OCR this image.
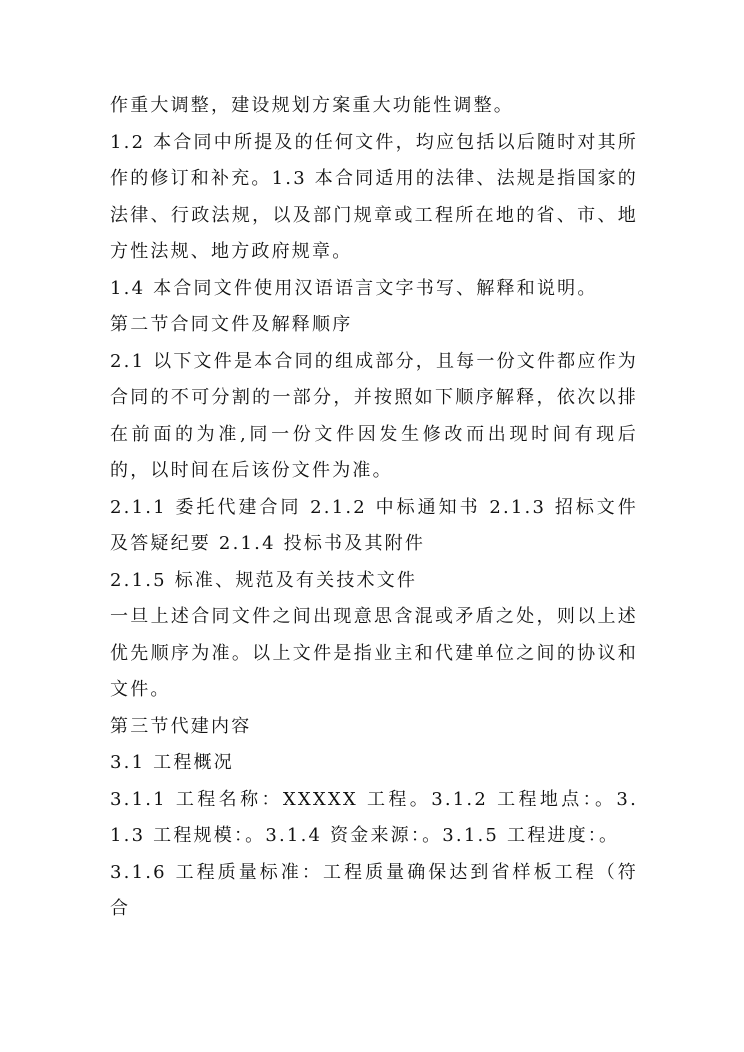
作重大调整，建设规划方案重大功能性调整。

1.2 本合同中所提及的任何文件，均应包括以后随时对其所作的修订和补充。1.3 本合同适用的法律、法规是指国家的法律、行政法规，以及部门规章或工程所在地的省、市、地方性法规、地方政府规章。

1.4 本合同文件使用汉语语言文字书写、解释和说明。

第二节合同文件及解释顺序

2.1 以下文件是本合同的组成部分，且每一份文件都应作为合同的不可分割的一部分，并按照如下顺序解释，依次以排在前面的为准,同一份文件因发生修改而出现时间有现后的，以时间在后该份文件为准。

2.1.1 委托代建合同 2.1.2 中标通知书 2.1.3 招标文件及答疑纪要 2.1.4 投标书及其附件

2.1.5 标准、规范及有关技术文件

一旦上述合同文件之间出现意思含混或矛盾之处，则以上述优先顺序为准。以上文件是指业主和代建单位之间的协议和文件。

第三节代建内容

3.1 工程概况

3.1.1 工程名称：XXXXX 工程。3.1.2 工程地点：。3.1.3 工程规模：。3.1.4 资金来源：。3.1.5 工程进度：。

3.1.6 工程质量标准：工程质量确保达到省样板工程（符合
